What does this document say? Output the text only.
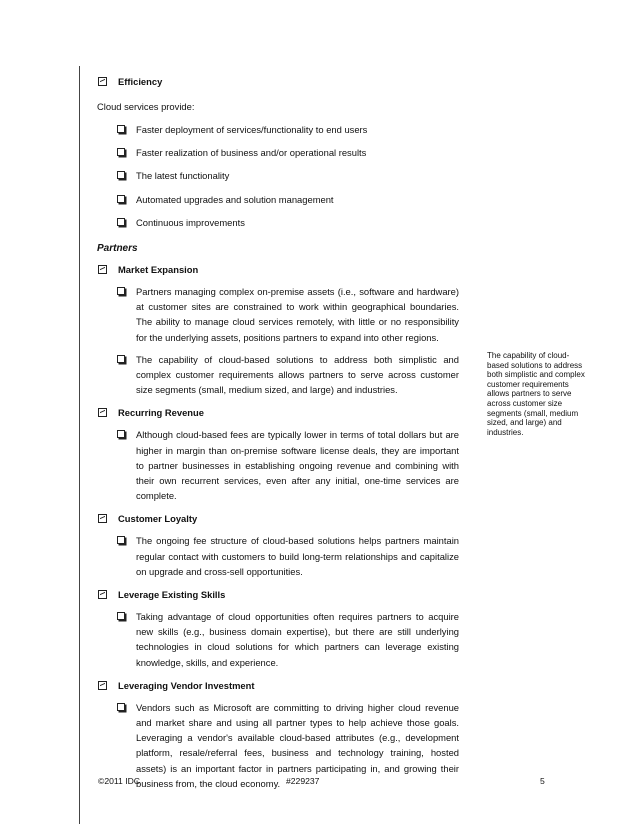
Efficiency
Cloud services provide:
Faster deployment of services/functionality to end users
Faster realization of business and/or operational results
The latest functionality
Automated upgrades and solution management
Continuous improvements
Partners
Market Expansion
Partners managing complex on-premise assets (i.e., software and hardware) at customer sites are constrained to work within geographical boundaries. The ability to manage cloud services remotely, with little or no responsibility for the underlying assets, positions partners to expand into other regions.
The capability of cloud-based solutions to address both simplistic and complex customer requirements allows partners to serve across customer size segments (small, medium sized, and large) and industries.
Recurring Revenue
Although cloud-based fees are typically lower in terms of total dollars but are higher in margin than on-premise software license deals, they are important to partner businesses in establishing ongoing revenue and combining with their own recurrent services, even after any initial, one-time services are complete.
Customer Loyalty
The ongoing fee structure of cloud-based solutions helps partners maintain regular contact with customers to build long-term relationships and capitalize on upgrade and cross-sell opportunities.
Leverage Existing Skills
Taking advantage of cloud opportunities often requires partners to acquire new skills (e.g., business domain expertise), but there are still underlying technologies in cloud solutions for which partners can leverage existing knowledge, skills, and experience.
Leveraging Vendor Investment
Vendors such as Microsoft are committing to driving higher cloud revenue and market share and using all partner types to help achieve those goals. Leveraging a vendor's available cloud-based attributes (e.g., development platform, resale/referral fees, business and technology training, hosted assets) is an important factor in partners participating in, and growing their business from, the cloud economy.
The capability of cloud-based solutions to address both simplistic and complex customer requirements allows partners to serve across customer size segments (small, medium sized, and large) and industries.
©2011 IDC	#229237	5
